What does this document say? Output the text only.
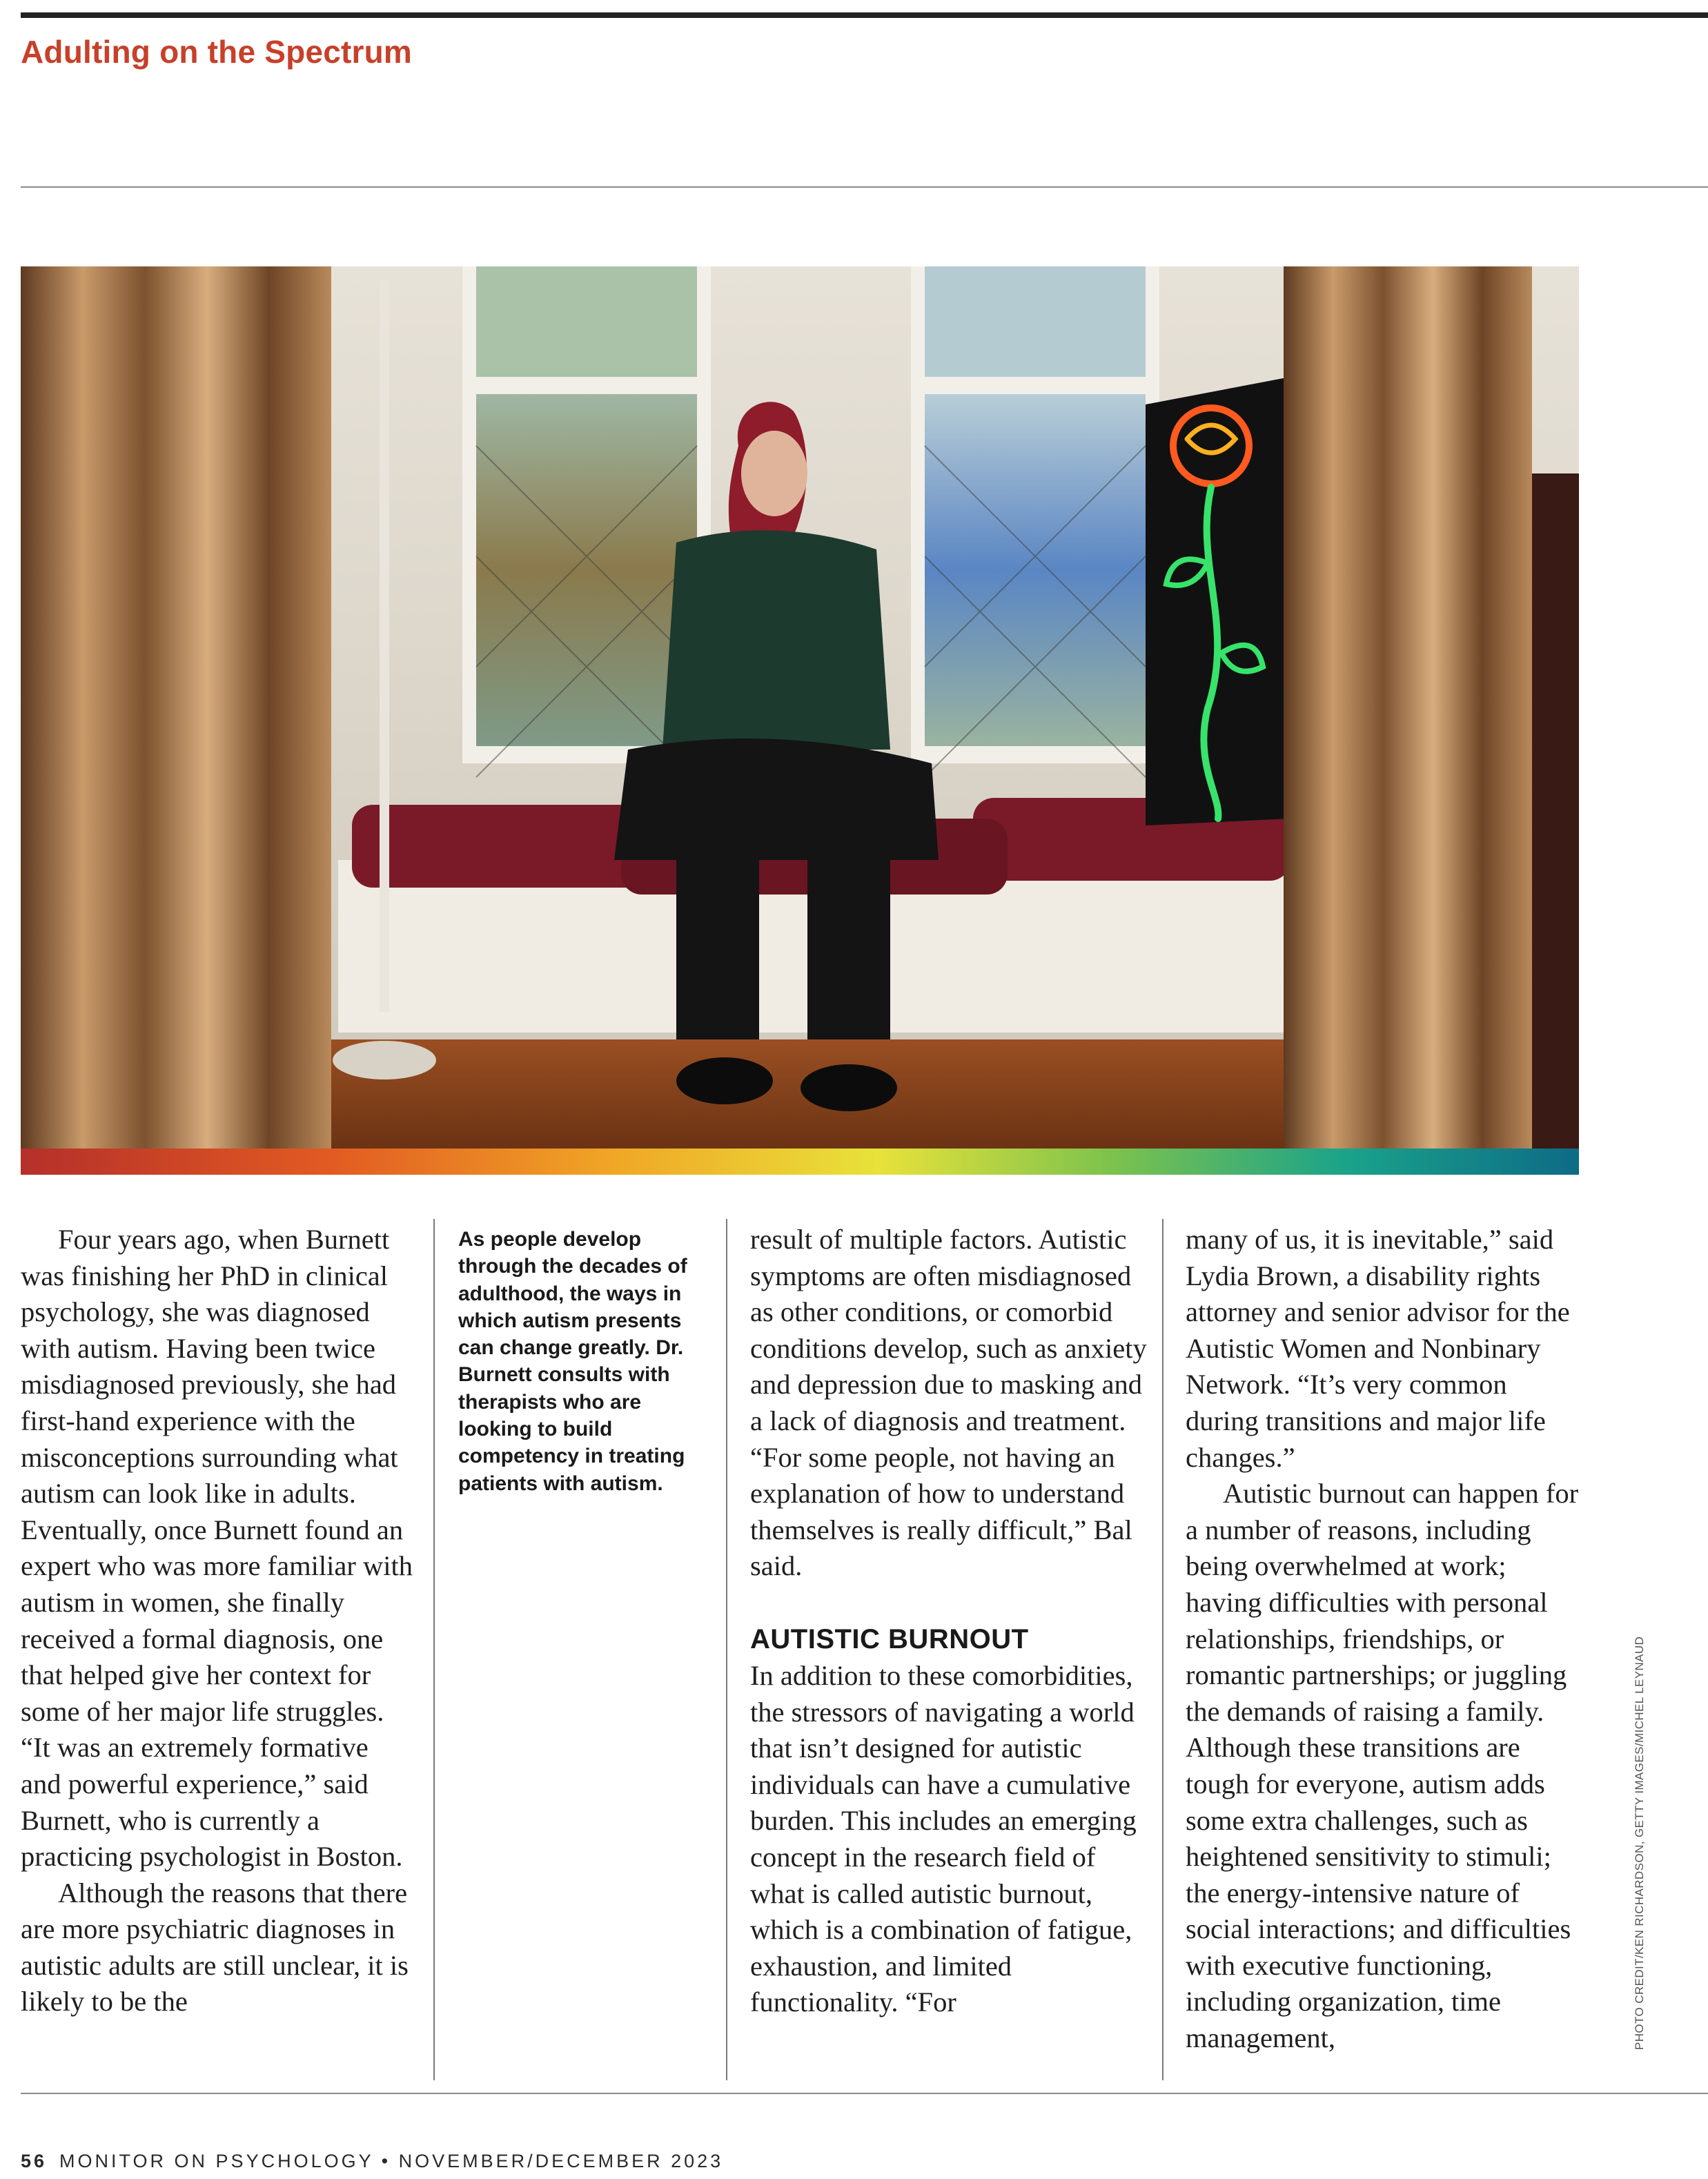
Adulting on the Spectrum

Four years ago, when Burnett was finishing her PhD in clinical psychology, she was diagnosed with autism. Having been twice misdiagnosed previously, she had first-hand experience with the misconceptions surrounding what autism can look like in adults. Eventually, once Burnett found an expert who was more familiar with autism in women, she finally received a formal diagnosis, one that helped give her context for some of her major life struggles. “It was an extremely formative and powerful experience,” said Burnett, who is currently a practicing psychologist in Boston.

Although the reasons that there are more psychiatric diagnoses in autistic adults are still unclear, it is likely to be the

As people develop through the decades of adulthood, the ways in which autism presents can change greatly. Dr. Burnett consults with therapists who are looking to build competency in treating patients with autism.

result of multiple factors. Autistic symptoms are often misdiagnosed as other conditions, or comorbid conditions develop, such as anxiety and depression due to masking and a lack of diagnosis and treatment. “For some people, not having an explanation of how to understand themselves is really difficult,” Bal said.

AUTISTIC BURNOUT

In addition to these comorbidities, the stressors of navigating a world that isn’t designed for autistic individuals can have a cumulative burden. This includes an emerging concept in the research field of what is called autistic burnout, which is a combination of fatigue, exhaustion, and limited functionality. “For

many of us, it is inevitable,” said Lydia Brown, a disability rights attorney and senior advisor for the Autistic Women and Nonbinary Network. “It’s very common during transitions and major life changes.”

Autistic burnout can happen for a number of reasons, including being overwhelmed at work; having difficulties with personal relationships, friendships, or romantic partnerships; or juggling the demands of raising a family. Although these transitions are tough for everyone, autism adds some extra challenges, such as heightened sensitivity to stimuli; the energy-intensive nature of social interactions; and difficulties with executive functioning, including organization, time management,	PHOTO CREDIT/KEN RICHARDSON, GETTY IMAGES/MICHEL LEYNAUD
56 MONITOR ON PSYCHOLOGY • NOVEMBER/DECEMBER 2023
